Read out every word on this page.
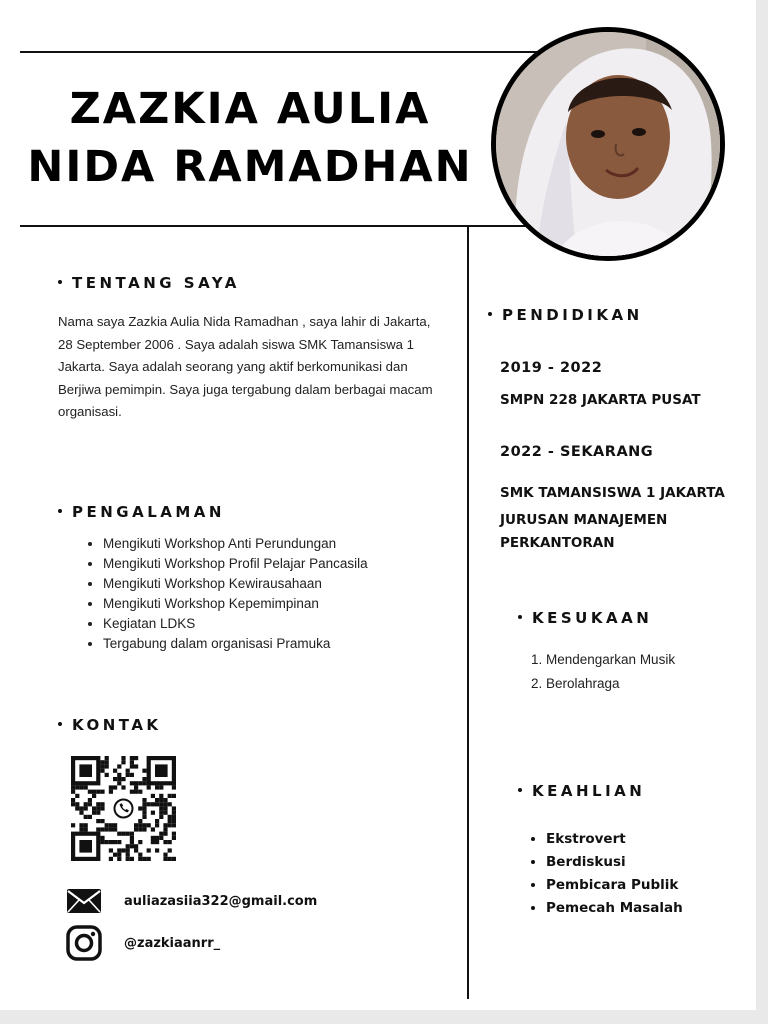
ZAZKIA AULIA
NIDA RAMADHAN
TENTANG SAYA
Nama saya Zazkia Aulia Nida Ramadhan , saya lahir di Jakarta, 28 September 2006 . Saya adalah siswa SMK Tamansiswa 1 Jakarta. Saya adalah seorang yang aktif berkomunikasi dan Berjiwa pemimpin. Saya juga tergabung dalam berbagai macam organisasi.
PENGALAMAN
• Mengikuti Workshop Anti Perundungan
• Mengikuti Workshop Profil Pelajar Pancasila
• Mengikuti Workshop Kewirausahaan
• Mengikuti Workshop Kepemimpinan
• Kegiatan LDKS
• Tergabung dalam organisasi Pramuka
KONTAK
auliazasiia322@gmail.com
@zazkiaanrr_
PENDIDIKAN
2019 - 2022
SMPN 228 JAKARTA PUSAT
2022 - SEKARANG
SMK TAMANSISWA 1 JAKARTA
JURUSAN MANAJEMEN PERKANTORAN
KESUKAAN
1. Mendengarkan Musik
2. Berolahraga
KEAHLIAN
• Ekstrovert
• Berdiskusi
• Pembicara Publik
• Pemecah Masalah
